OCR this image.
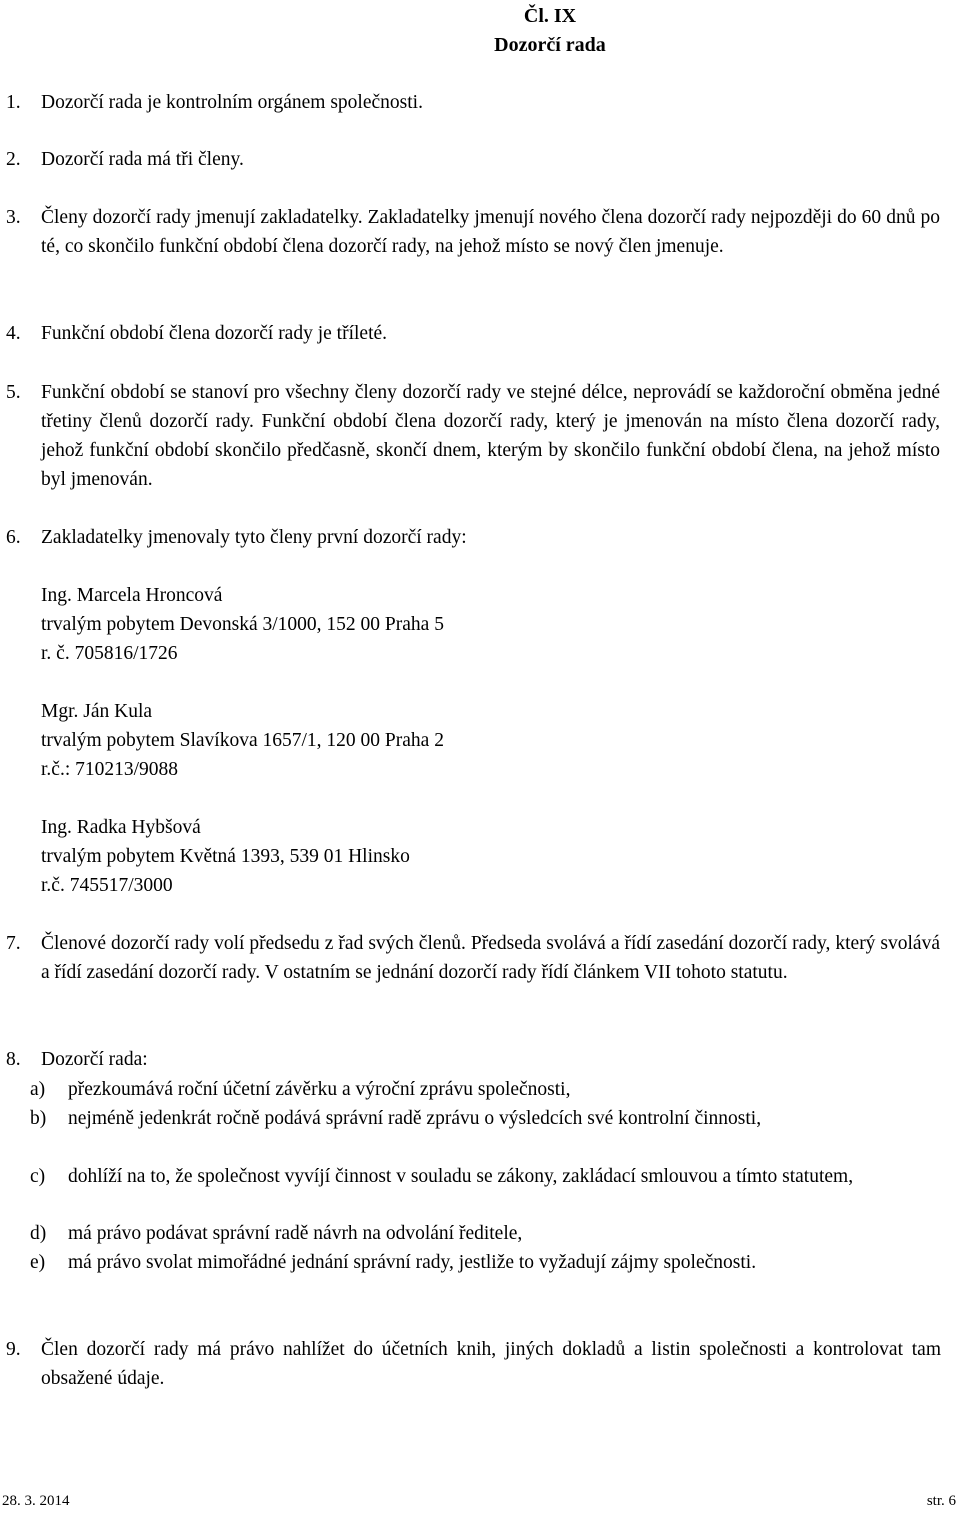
Čl. IX
Dozorčí rada
1.	Dozorčí rada je kontrolním orgánem společnosti.
2.	Dozorčí rada má tři členy.
3.	Členy dozorčí rady jmenují zakladatelky. Zakladatelky jmenují nového člena dozorčí rady nejpozději do 60 dnů po té, co skončilo funkční období člena dozorčí rady, na jehož místo se nový člen jmenuje.
4.	Funkční období člena dozorčí rady je tříleté.
5.	Funkční období se stanoví pro všechny členy dozorčí rady ve stejné délce, neprovádí se každoroční obměna jedné třetiny členů dozorčí rady. Funkční období člena dozorčí rady, který je jmenován na místo člena dozorčí rady, jehož funkční období skončilo předčasně, skončí dnem, kterým by skončilo funkční období člena, na jehož místo byl jmenován.
6.	Zakladatelky jmenovaly tyto členy první dozorčí rady:
Ing. Marcela Hroncová
trvalým pobytem Devonská 3/1000, 152 00 Praha 5
r. č. 705816/1726
Mgr. Ján Kula
trvalým pobytem Slavíkova 1657/1, 120 00 Praha 2
r.č.: 710213/9088
Ing. Radka Hybšová
trvalým pobytem Květná 1393, 539 01 Hlinsko
r.č. 745517/3000
7.	Členové dozorčí rady volí předsedu z řad svých členů. Předseda svolává a řídí zasedání dozorčí rady, který svolává a řídí zasedání dozorčí rady. V ostatním se jednání dozorčí rady řídí článkem VII tohoto statutu.
8.	Dozorčí rada:
a)	přezkoumává roční účetní závěrku a výroční zprávu společnosti,
b)	nejméně jedenkrát ročně podává správní radě zprávu o výsledcích své kontrolní činnosti,
c)	dohlíží na to, že společnost vyvíjí činnost v souladu se zákony, zakládací smlouvou a tímto statutem,
d)	má právo podávat správní radě návrh na odvolání ředitele,
e)	má právo svolat mimořádné jednání správní rady, jestliže to vyžadují zájmy společnosti.
9.	Člen dozorčí rady má právo nahlížet do účetních knih, jiných dokladů a listin společnosti a kontrolovat tam obsažené údaje.
28. 3. 2014	str. 6
